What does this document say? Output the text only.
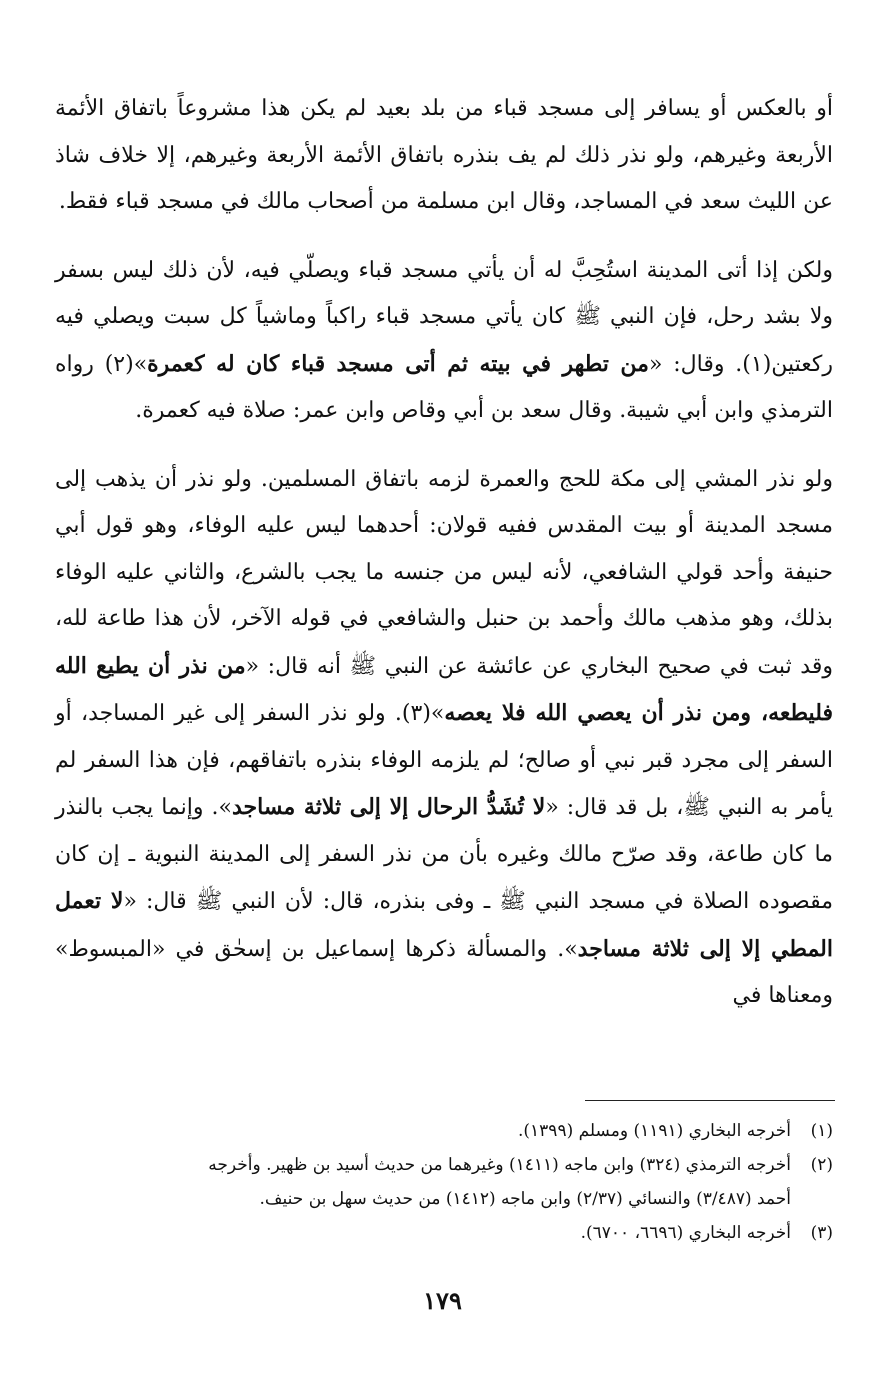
أو بالعكس أو يسافر إلى مسجد قباء من بلد بعيد لم يكن هذا مشروعاً باتفاق الأئمة الأربعة وغيرهم، ولو نذر ذلك لم يف بنذره باتفاق الأئمة الأربعة وغيرهم، إلا خلاف شاذ عن الليث سعد في المساجد، وقال ابن مسلمة من أصحاب مالك في مسجد قباء فقط.

ولكن إذا أتى المدينة استُحِبَّ له أن يأتي مسجد قباء ويصلّي فيه، لأن ذلك ليس بسفر ولا بشد رحل، فإن النبي ﷺ كان يأتي مسجد قباء راكباً وماشياً كل سبت ويصلي فيه ركعتين(١). وقال: «من تطهر في بيته ثم أتى مسجد قباء كان له كعمرة»(٢) رواه الترمذي وابن أبي شيبة. وقال سعد بن أبي وقاص وابن عمر: صلاة فيه كعمرة.

ولو نذر المشي إلى مكة للحج والعمرة لزمه باتفاق المسلمين. ولو نذر أن يذهب إلى مسجد المدينة أو بيت المقدس ففيه قولان: أحدهما ليس عليه الوفاء، وهو قول أبي حنيفة وأحد قولي الشافعي، لأنه ليس من جنسه ما يجب بالشرع، والثاني عليه الوفاء بذلك، وهو مذهب مالك وأحمد بن حنبل والشافعي في قوله الآخر، لأن هذا طاعة لله، وقد ثبت في صحيح البخاري عن عائشة عن النبي ﷺ أنه قال: «من نذر أن يطيع الله فليطعه، ومن نذر أن يعصي الله فلا يعصه»(٣). ولو نذر السفر إلى غير المساجد، أو السفر إلى مجرد قبر نبي أو صالح؛ لم يلزمه الوفاء بنذره باتفاقهم، فإن هذا السفر لم يأمر به النبي ﷺ، بل قد قال: «لا تُشَدُّ الرحال إلا إلى ثلاثة مساجد». وإنما يجب بالنذر ما كان طاعة، وقد صرّح مالك وغيره بأن من نذر السفر إلى المدينة النبوية ـ إن كان مقصوده الصلاة في مسجد النبي ﷺ ـ وفى بنذره، قال: لأن النبي ﷺ قال: «لا تعمل المطي إلا إلى ثلاثة مساجد». والمسألة ذكرها إسماعيل بن إسحٰق في «المبسوط» ومعناها في

(١)أخرجه البخاري (١١٩١) ومسلم (١٣٩٩).

(٢)أخرجه الترمذي (٣٢٤) وابن ماجه (١٤١١) وغيرهما من حديث أسيد بن ظهير. وأخرجه

أحمد (٣/٤٨٧) والنسائي (٢/٣٧) وابن ماجه (١٤١٢) من حديث سهل بن حنيف.

(٣)أخرجه البخاري (٦٦٩٦، ٦٧٠٠).

١٧٩
